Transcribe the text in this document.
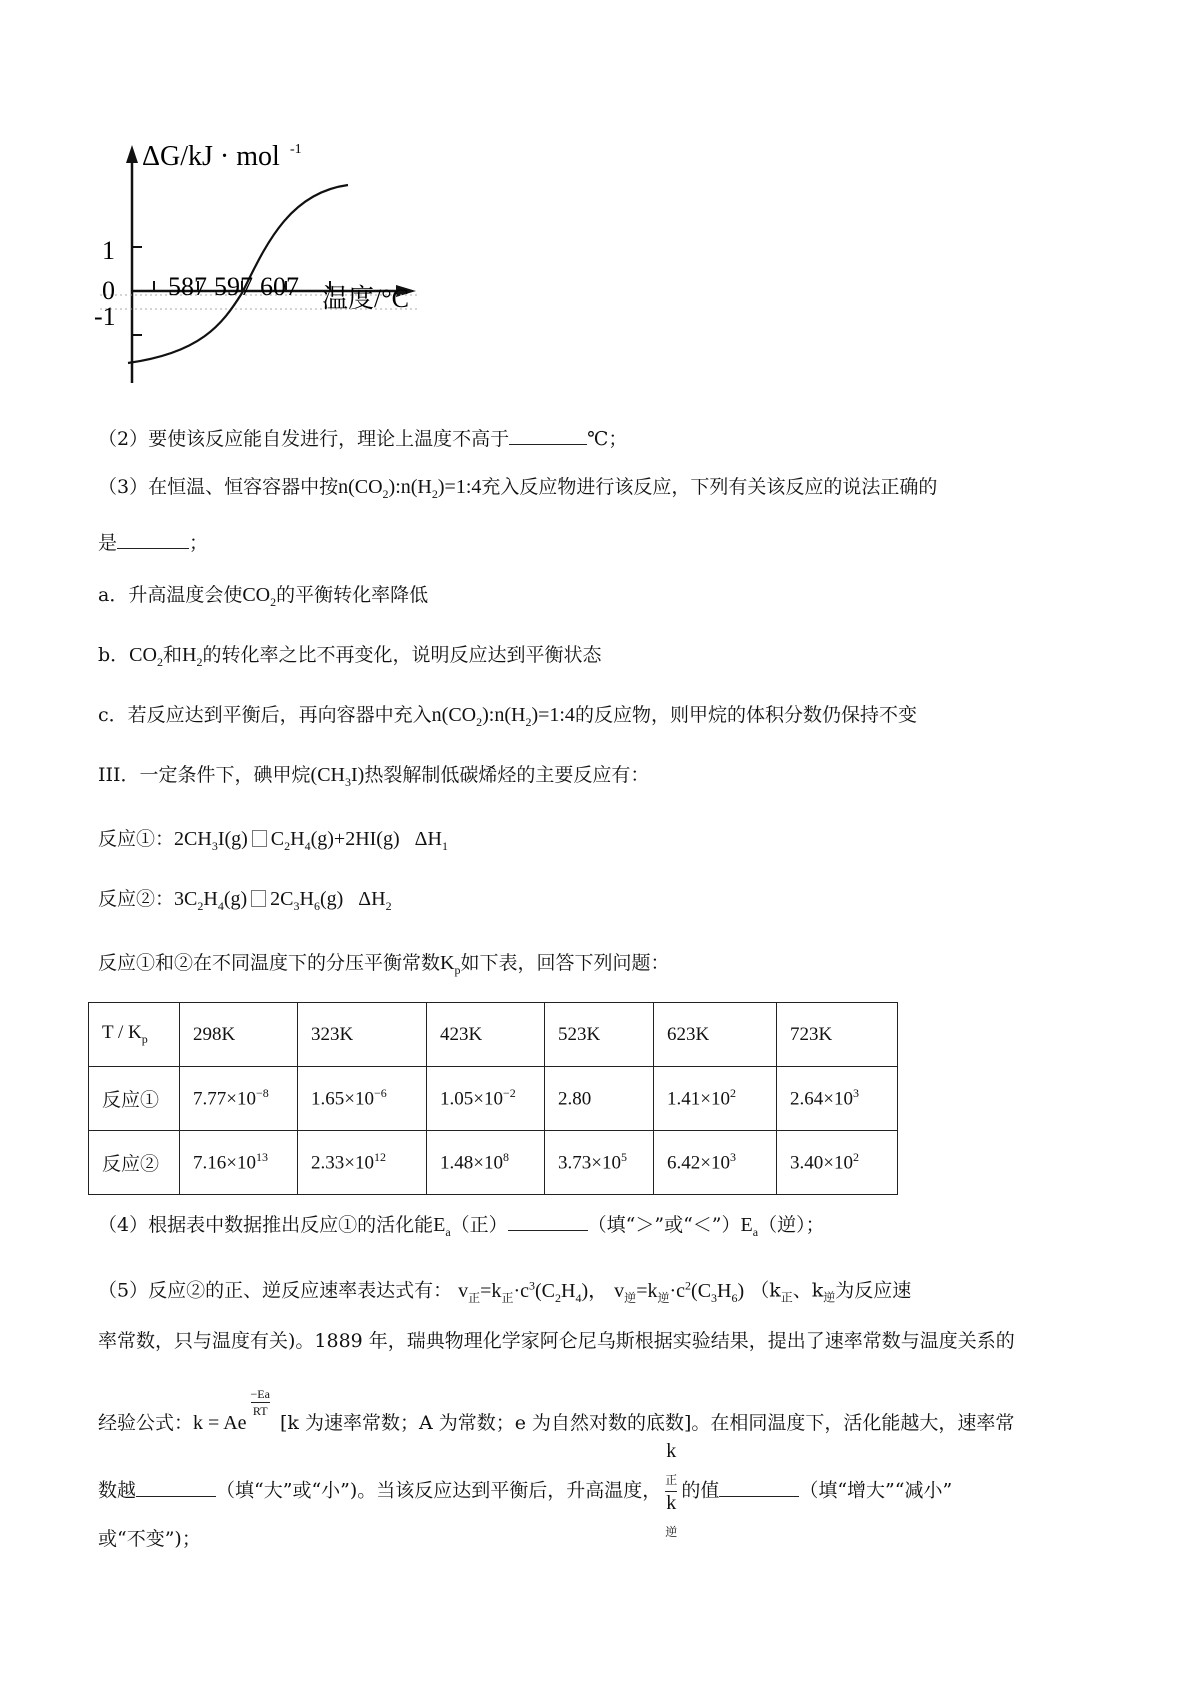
ΔG/kJ · mol -1
1
0
-1
587 597 607 温度/°C
（2）要使该反应能自发进行，理论上温度不高于	℃；
（3）在恒温、恒容容器中按$n(CO_2):n(H_2)=1:4$充入反应物进行该反应，下列有关该反应的说法正确的
是	；
a．升高温度会使$CO_2$的平衡转化率降低
b．$CO_2$和$H_2$的转化率之比不再变化，说明反应达到平衡状态
c．若反应达到平衡后，再向容器中充入$n(CO_2):n(H_2)=1:4$的反应物，则甲烷的体积分数仍保持不变
III．一定条件下，碘甲烷$(CH_3I)$热裂解制低碳烯烃的主要反应有：
反应①：$2CH_3I(g)$ $C_2H_4(g)+2HI(g)$ $\Delta H_1$
反应②：$3C_2H_4(g)$ $2C_3H_6(g)$ $\Delta H_2$
反应①和②在不同温度下的分压平衡常数$K_p$如下表，回答下列问题：
T / $K_p$	298K	323K	423K	523K	623K	723K
反应①	$7.77\times 10^{-8}$	$1.65\times 10^{-6}$	$1.05\times 10^{-2}$	2.80	$1.41\times 10^2$	$2.64\times 10^3$
反应②	$7.16\times 10^{13}$	$2.33\times 10^{12}$	$1.48\times 10^8$	$3.73\times 10^5$	$6.42\times 10^3$	$3.40\times 10^2$
（4）根据表中数据推出反应①的活化能$E_a$（正）	（填“＞”或“$<”)E_a$（逆）；
（5）反应②的正、逆反应速率表达式有： $v_正=k_正\cdot c^3(C_2H_4)$， $v_逆=k_逆\cdot c^2(C_3H_6)$ （$k_正$、$k_逆$为反应速
率常数，只与温度有关)。1889 年，瑞典物理化学家阿仑尼乌斯根据实验结果，提出了速率常数与温度关系的
经验公式：k = Ae
$\frac{-Ea}{RT}$
[k 为速率常数；A 为常数；e 为自然对数的底数]。在相同温度下，活化能越大，速率常
数越	（填“大”或“小”)。当该反应达到平衡后，升高温度， k
$_正$
k
$_逆$ 的值	（填“增大”“减小”
或“不变”)；
